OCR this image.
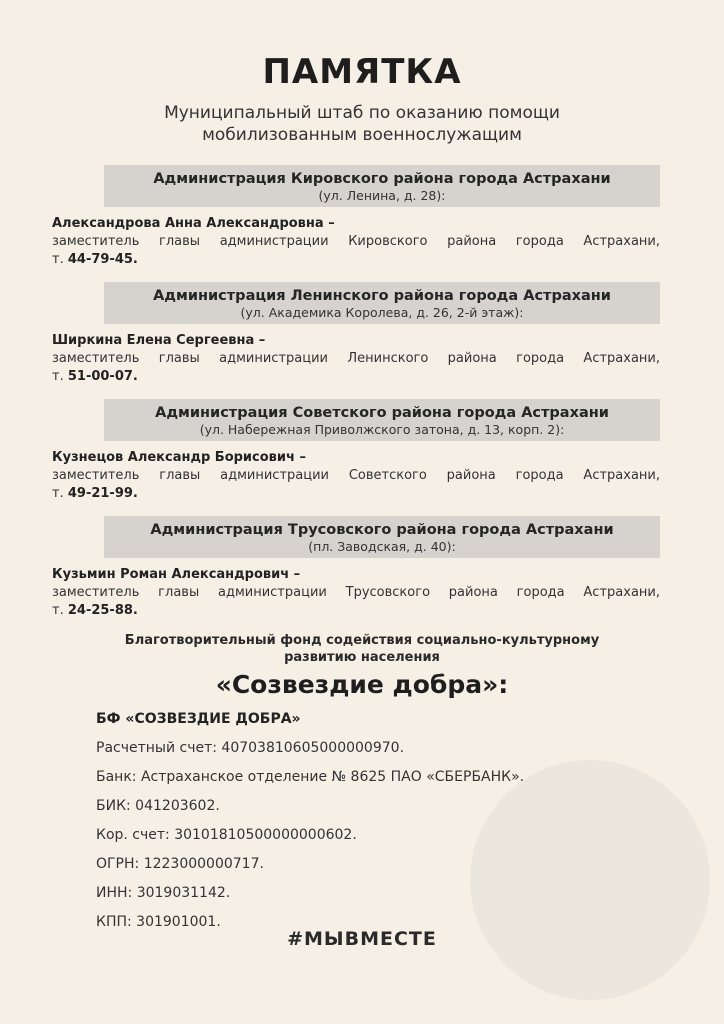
ПАМЯТКА
Муниципальный штаб по оказанию помощи
мобилизованным военнослужащим
Администрация Кировского района города Астрахани
(ул. Ленина, д. 28):
Александрова Анна Александровна –
заместитель главы администрации Кировского района города Астрахани,
т. 44-79-45.
Администрация Ленинского района города Астрахани
(ул. Академика Королева, д. 26, 2-й этаж):
Ширкина Елена Сергеевна –
заместитель главы администрации Ленинского района города Астрахани,
т. 51-00-07.
Администрация Советского района города Астрахани
(ул. Набережная Приволжского затона, д. 13, корп. 2):
Кузнецов Александр Борисович –
заместитель главы администрации Советского района города Астрахани,
т. 49-21-99.
Администрация Трусовского района города Астрахани
(пл. Заводская, д. 40):
Кузьмин Роман Александрович –
заместитель главы администрации Трусовского района города Астрахани,
т. 24-25-88.
Благотворительный фонд содействия социально-культурному
развитию населения
«Созвездие добра»:
БФ «СОЗВЕЗДИЕ ДОБРА»
Расчетный счет: 40703810605000000970.
Банк: Астраханское отделение № 8625 ПАО «СБЕРБАНК».
БИК: 041203602.
Кор. счет: 30101810500000000602.
ОГРН: 1223000000717.
ИНН: 3019031142.
КПП: 301901001.
#МЫВМЕСТЕ
